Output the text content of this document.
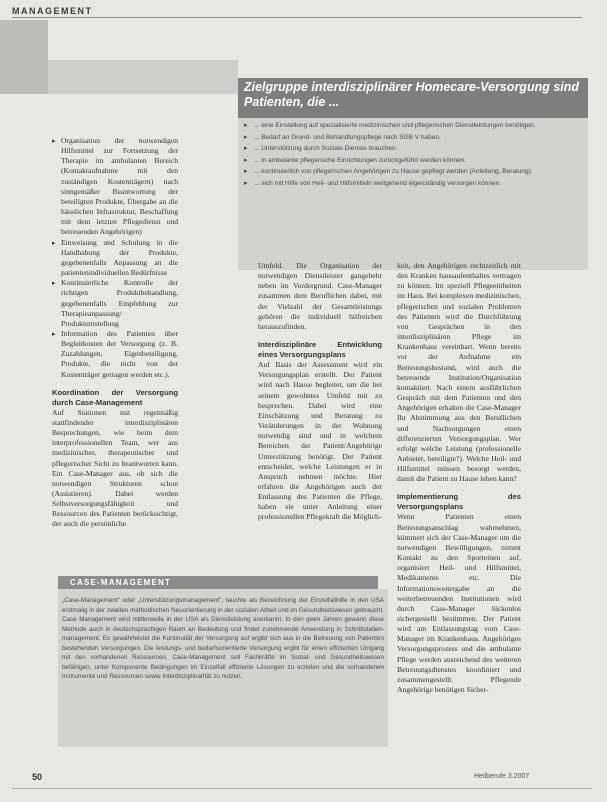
MANAGEMENT
Zielgruppe interdisziplinärer Homecare-Versorgung sind Patienten, die ...
▸ ... eine Einstellung auf spezialisierte medizinischen und pflegerischen Dienstleistungen benötigen.
▸ ... Bedarf an Grund- und Behandlungspflege nach SGB V haben.
▸ ... Unterstützung durch Soziale Dienste brauchen.
▸ ... in ambulante pflegerische Einrichtungen zurückgeführt werden können.
▸ ... kontinuierlich von pflegerischen Angehörigen zu Hause gepflegt werden (Anleitung, Beratung).
▸ ... sich mit Hilfe von Heil- und Hilfsmitteln weitgehend eigenständig versorgen können.
▸ Organisation der notwendigen Hilfsmittel zur Fortsetzung der Therapie im ambulanten Bereich (Kontaktaufnahme mit den zuständigen Kostenträgern) nach sinngemäßer Beantwortung der beteiligten Produkte, Übergabe an die häuslichen Infrastruktur, Beschaffung mit dem letzten Pflegedienst und betreuenden Angehörigen)
▸ Einweisung und Schulung in die Handhabung der Produkte, gegebenenfalls Anpassung an die patientenindividuellen Bedürfnisse
▸ Kontinuierliche Kontrolle der richtigen Produktbehandlung, gegebenenfalls Empfehlung zur Therapieanpassung/ Produktumstellung
▸ Information des Patienten über Begleitkosten der Versorgung (z. B. Zuzahlungen, Eigenbeteiligung, Produkte, die nicht von der Kostenträger getragen werden etc.).
Koordination der Versorgung durch Case-Management

Auf Stationen mit regelmäßig stattfindender interdisziplinären Besprechungen, wie beim dem interprofessionellen Team, wer aus medizinischer, therapeutischer und pflegerischer Sicht zu beantworten kann. Ein Case-Manager aus, ob sich die notwendigen Strukturen schon (Assistieren). Dabei werden Selbstversorgungsfähigkeit und Ressourcen des Patienten berücksichtigt, der auch die persönliche

Umfeld. Die Organisation der notwendigen Dienstleister gangebehr neben im Vordergrund. Case-Manager zusammen dem Beruflichen dabei, mit der Vielzahl der Gesamtleistungs gehören die individuell hilfreichen herauszufinden.

Interdisziplinäre Entwicklung eines Versorgungsplans

Auf Basis der Assessment wird ein Versorgungsplan erstellt. Der Patient wird nach Hause begleitet, um die bei seinem gewohntes Umfeld mit zu besprechen. Dabei wird eine Einschätzung und Beratung zu Veränderungen in der Wohnung notwendig sind und in welchem Bereichen der Patient/Angehörige Unterstützung benötigt. Der Patient entscheidet, welche Leistungen er in Anspruch nehmen möchte. Hier erfahren die Angehörigen auch der Entlassung des Patienten die Pflege, haben sie unter Anleitung einer professionellen Pflegekraft die Möglich-

keit, den Angehörigen rechtzeitlich mit den Kranken hausaufenthaltes vertragen zu können. Im speziell Pflegeeinheiten im Haus. Bei komplexen medizinischen, pflegerischen und sozialen Problemen des Patienten wird die Durchführung von Gesprächen in den interdisziplinären Pflege im Krankenhaus vereinbart. Wenn bereits vor der Aufnahme ein Betreuungsbestand, wird auch die betreuende Institution/Organisation kontaktiert. Nach einem ausführlichen Gespräch mit dem Patienten und den Angehörigen erhalten die Case-Manager Ihr Abstimmung aus den Beruflichen und Nachsorgungen einen differenzierten Versorgungsplan. Wer erfolgt welche Leistung (professionelle Anbieter, beteiligte?). Welche Heil- und Hilfsmittel müssen besorgt werden, damit die Patient zu Hause leben kann?

Implementierung des Versorgungsplans

Wenn Patienten einen Betreuungsanschlag wahrnehmen, kümmert sich der Case-Manager um die notwendigen Bewilligungen, nimmt Kontakt zu den Sporteinen auf, organisiert Heil- und Hilfsmittel, Medikamente etc. Die Informationsweitergabe an die weiterbetreuenden Institutionen wird durch Case-Manager lückenlos sichergestellt bestimmen. Der Patient wird am Entlassungstag vom Case-Manager im Krankenhaus. Angehöriges Versorgungsprozess und die ambulante Pflege werden ausreichend des weiteren Betreuungsdienstes koordiniert und zusammengestellt. Pflegende Angehörige benötigen Sicher-

CASE-MANAGEMENT
„Case-Management" oder „Unterstützungsmanagement", tauchte als Bezeichnung der Einzelfallhilfe in den USA erstmalig in der zweiten methodischen Neuorientierung in der sozialen Arbeit und im Gesundheitswesen gebraucht. Case Management wird mittlerweile in der USA als Dienstleistung anerkannt. In den geen Jahren gewann diese Methode auch in deutschsprachigen Raum an Bedeutung und findet zunehmende Anwendung in Schnittstellen-management. Es gewährleistet die Kontinuität der Versorgung auf ergibt sich aus in die Betreuung von Patienten bestehenden Versorgungen. Die leistungs- und bedarfsorientierte Versorgung ergibt für einen effizienten Umgang mit den vorhandenen Ressourcen. Case-Management soll Fachkräfte im Sozial- und Gesundheitswesen befähigen, unter Komponente Bedingungen im Einzelfall effiziente Lösungen zu erzielen und die vorhandenen Instrumente und Ressourcen sowie Interdisziplinarität zu nutzen.
50	Heilberufe 3.2007
